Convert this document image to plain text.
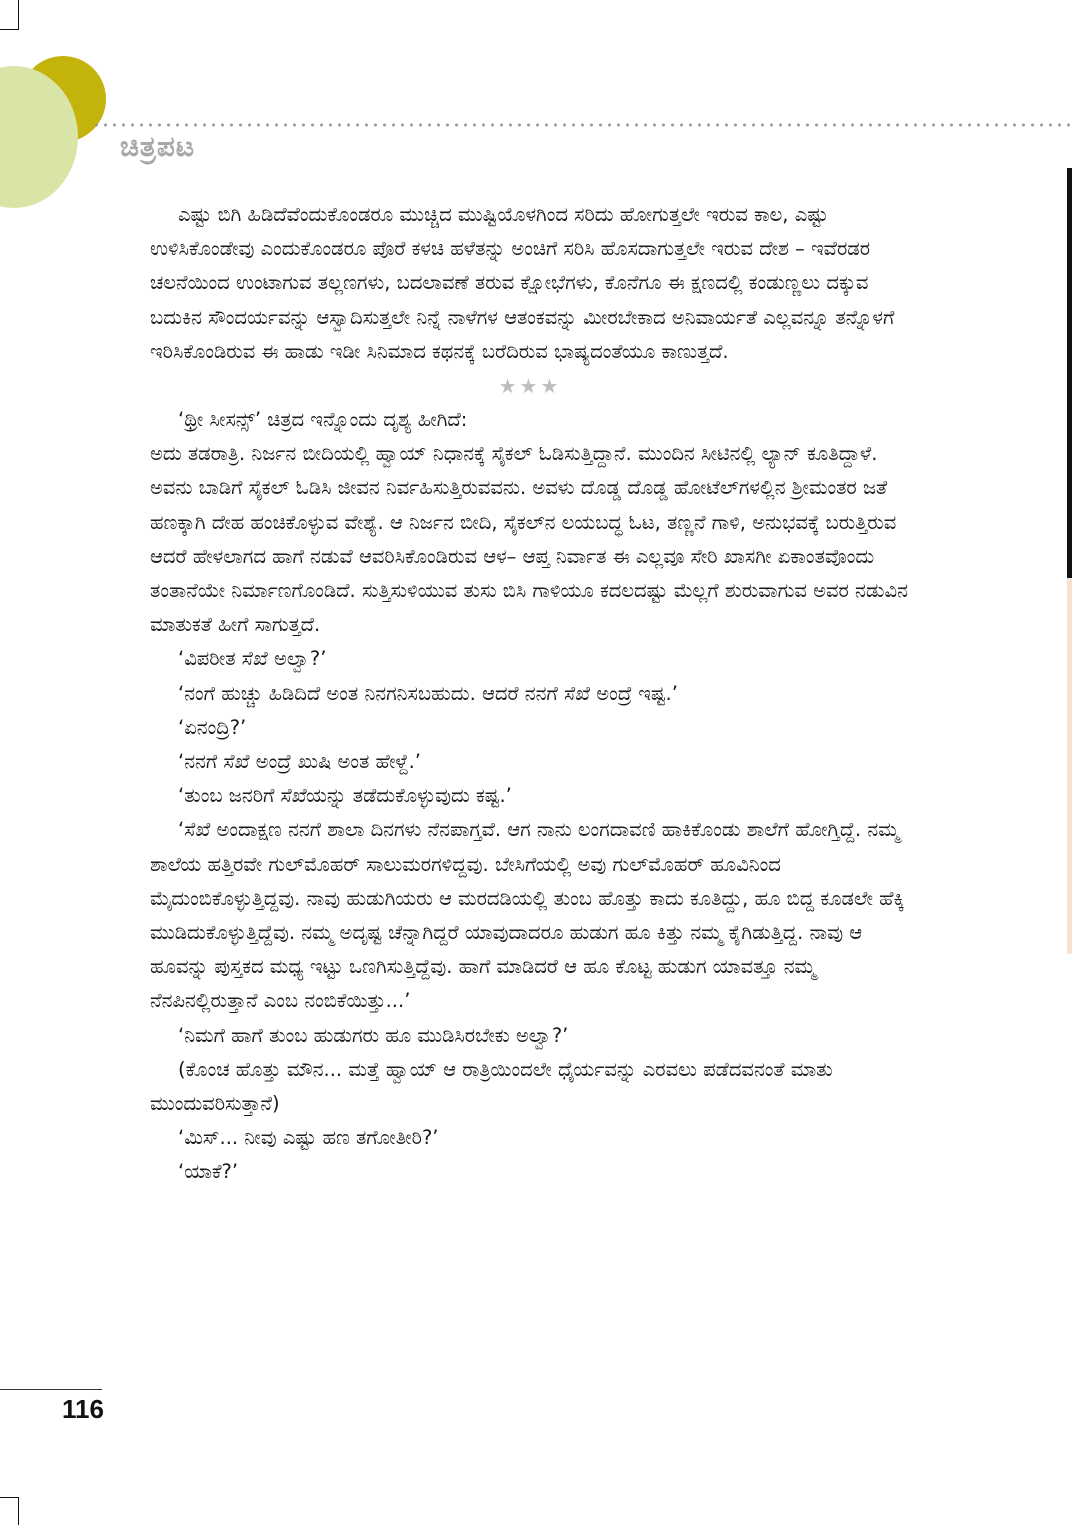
ಚಿತ್ರಪಟ

ಎಷ್ಟು ಬಿಗಿ ಹಿಡಿದೆವೆಂದುಕೊಂಡರೂ ಮುಚ್ಚಿದ ಮುಷ್ಟಿಯೊಳಗಿಂದ ಸರಿದು ಹೋಗುತ್ತಲೇ ಇರುವ ಕಾಲ, ಎಷ್ಟು ಉಳಿಸಿಕೊಂಡೇವು ಎಂದುಕೊಂಡರೂ ಪೊರೆ ಕಳಚಿ ಹಳೆತನ್ನು ಅಂಚಿಗೆ ಸರಿಸಿ ಹೊಸದಾಗುತ್ತಲೇ ಇರುವ ದೇಶ – ಇವೆರಡರ ಚಲನೆಯಿಂದ ಉಂಟಾಗುವ ತಲ್ಲಣಗಳು, ಬದಲಾವಣೆ ತರುವ ಕ್ಷೋಭೆಗಳು, ಕೊನೆಗೂ ಈ ಕ್ಷಣದಲ್ಲಿ ಕಂಡುಣ್ಣಲು ದಕ್ಕುವ ಬದುಕಿನ ಸೌಂದರ್ಯವನ್ನು ಆಸ್ವಾದಿಸುತ್ತಲೇ ನಿನ್ನೆ ನಾಳೆಗಳ ಆತಂಕವನ್ನು ಮೀರಬೇಕಾದ ಅನಿವಾರ್ಯತೆ ಎಲ್ಲವನ್ನೂ ತನ್ನೊಳಗೆ ಇರಿಸಿಕೊಂಡಿರುವ ಈ ಹಾಡು ಇಡೀ ಸಿನಿಮಾದ ಕಥನಕ್ಕೆ ಬರೆದಿರುವ ಭಾಷ್ಯದಂತೆಯೂ ಕಾಣುತ್ತದೆ.

★★★

‘ಥ್ರೀ ಸೀಸನ್ಸ್’ ಚಿತ್ರದ ಇನ್ನೊಂದು ದೃಶ್ಯ ಹೀಗಿದೆ:

ಅದು ತಡರಾತ್ರಿ. ನಿರ್ಜನ ಬೀದಿಯಲ್ಲಿ ಹ್ವಾಯ್ ನಿಧಾನಕ್ಕೆ ಸೈಕಲ್ ಓಡಿಸುತ್ತಿದ್ದಾನೆ. ಮುಂದಿನ ಸೀಟಿನಲ್ಲಿ ಲ್ಯಾನ್ ಕೂತಿದ್ದಾಳೆ. ಅವನು ಬಾಡಿಗೆ ಸೈಕಲ್ ಓಡಿಸಿ ಜೀವನ ನಿರ್ವಹಿಸುತ್ತಿರುವವನು. ಅವಳು ದೊಡ್ಡ ದೊಡ್ಡ ಹೋಟೆಲ್‌ಗಳಲ್ಲಿನ ಶ್ರೀಮಂತರ ಜತೆ ಹಣಕ್ಕಾಗಿ ದೇಹ ಹಂಚಿಕೊಳ್ಳುವ ವೇಶ್ಯೆ. ಆ ನಿರ್ಜನ ಬೀದಿ, ಸೈಕಲ್‌ನ ಲಯಬದ್ಧ ಓಟ, ತಣ್ಣನೆ ಗಾಳಿ, ಅನುಭವಕ್ಕೆ ಬರುತ್ತಿರುವ ಆದರೆ ಹೇಳಲಾಗದ ಹಾಗೆ ನಡುವೆ ಆವರಿಸಿಕೊಂಡಿರುವ ಆಳ– ಆಪ್ತ ನಿರ್ವಾತ ಈ ಎಲ್ಲವೂ ಸೇರಿ ಖಾಸಗೀ ಏಕಾಂತವೊಂದು ತಂತಾನೆಯೇ ನಿರ್ಮಾಣಗೊಂಡಿದೆ. ಸುತ್ತಿಸುಳಿಯುವ ತುಸು ಬಿಸಿ ಗಾಳಿಯೂ ಕದಲದಷ್ಟು ಮೆಲ್ಲಗೆ ಶುರುವಾಗುವ ಅವರ ನಡುವಿನ ಮಾತುಕತೆ ಹೀಗೆ ಸಾಗುತ್ತದೆ.

‘ವಿಪರೀತ ಸೆಖೆ ಅಲ್ವಾ?’

‘ನಂಗೆ ಹುಚ್ಚು ಹಿಡಿದಿದೆ ಅಂತ ನಿನಗನಿಸಬಹುದು. ಆದರೆ ನನಗೆ ಸೆಖೆ ಅಂದ್ರೆ ಇಷ್ಟ.’

‘ಏನಂದ್ರಿ?’

‘ನನಗೆ ಸೆಖೆ ಅಂದ್ರೆ ಖುಷಿ ಅಂತ ಹೇಳ್ದೆ.’

‘ತುಂಬ ಜನರಿಗೆ ಸೆಖೆಯನ್ನು ತಡೆದುಕೊಳ್ಳುವುದು ಕಷ್ಟ.’

‘ಸೆಖೆ ಅಂದಾಕ್ಷಣ ನನಗೆ ಶಾಲಾ ದಿನಗಳು ನೆನಪಾಗ್ತವೆ. ಆಗ ನಾನು ಲಂಗದಾವಣಿ ಹಾಕಿಕೊಂಡು ಶಾಲೆಗೆ ಹೋಗ್ತಿದ್ದೆ. ನಮ್ಮ ಶಾಲೆಯ ಹತ್ತಿರವೇ ಗುಲ್‌ಮೊಹರ್ ಸಾಲುಮರಗಳಿದ್ದವು. ಬೇಸಿಗೆಯಲ್ಲಿ ಅವು ಗುಲ್‌ಮೊಹರ್ ಹೂವಿನಿಂದ ಮೈದುಂಬಿಕೊಳ್ಳುತ್ತಿದ್ದವು. ನಾವು ಹುಡುಗಿಯರು ಆ ಮರದಡಿಯಲ್ಲಿ ತುಂಬ ಹೊತ್ತು ಕಾದು ಕೂತಿದ್ದು, ಹೂ ಬಿದ್ದ ಕೂಡಲೇ ಹೆಕ್ಕಿ ಮುಡಿದುಕೊಳ್ಳುತ್ತಿದ್ದೆವು. ನಮ್ಮ ಅದೃಷ್ಟ ಚೆನ್ನಾಗಿದ್ದರೆ ಯಾವುದಾದರೂ ಹುಡುಗ ಹೂ ಕಿತ್ತು ನಮ್ಮ ಕೈಗಿಡುತ್ತಿದ್ದ. ನಾವು ಆ ಹೂವನ್ನು ಪುಸ್ತಕದ ಮಧ್ಯ ಇಟ್ಟು ಒಣಗಿಸುತ್ತಿದ್ದೆವು. ಹಾಗೆ ಮಾಡಿದರೆ ಆ ಹೂ ಕೊಟ್ಟ ಹುಡುಗ ಯಾವತ್ತೂ ನಮ್ಮ ನೆನಪಿನಲ್ಲಿರುತ್ತಾನೆ ಎಂಬ ನಂಬಿಕೆಯಿತ್ತು...’

‘ನಿಮಗೆ ಹಾಗೆ ತುಂಬ ಹುಡುಗರು ಹೂ ಮುಡಿಸಿರಬೇಕು ಅಲ್ವಾ?’

(ಕೊಂಚ ಹೊತ್ತು ಮೌನ... ಮತ್ತೆ ಹ್ವಾಯ್ ಆ ರಾತ್ರಿಯಿಂದಲೇ ಧೈರ್ಯವನ್ನು ಎರವಲು ಪಡೆದವನಂತೆ ಮಾತು ಮುಂದುವರಿಸುತ್ತಾನೆ)

‘ಮಿಸ್... ನೀವು ಎಷ್ಟು ಹಣ ತಗೋತೀರಿ?’

‘ಯಾಕೆ?’

116
